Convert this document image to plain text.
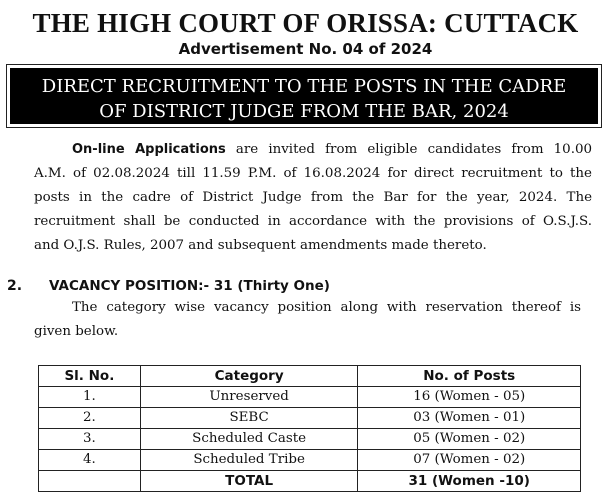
THE HIGH COURT OF ORISSA: CUTTACK
Advertisement No. 04 of 2024
DIRECT RECRUITMENT TO THE POSTS IN THE CADRE
OF DISTRICT JUDGE FROM THE BAR, 2024
On-line Applications are invited from eligible candidates from 10.00
A.M. of 02.08.2024 till 11.59 P.M. of 16.08.2024 for direct recruitment to the
posts in the cadre of District Judge from the Bar for the year, 2024. The
recruitment shall be conducted in accordance with the provisions of O.S.J.S.
and O.J.S. Rules, 2007 and subsequent amendments made thereto.
2. VACANCY POSITION:- 31 (Thirty One)
The category wise vacancy position along with reservation thereof is
given below.
Sl. No.	Category	No. of Posts
1.	Unreserved	16 (Women - 05)
2.	SEBC	03 (Women - 01)
3.	Scheduled Caste	05 (Women - 02)
4.	Scheduled Tribe	07 (Women - 02)
	TOTAL	31 (Women -10)
